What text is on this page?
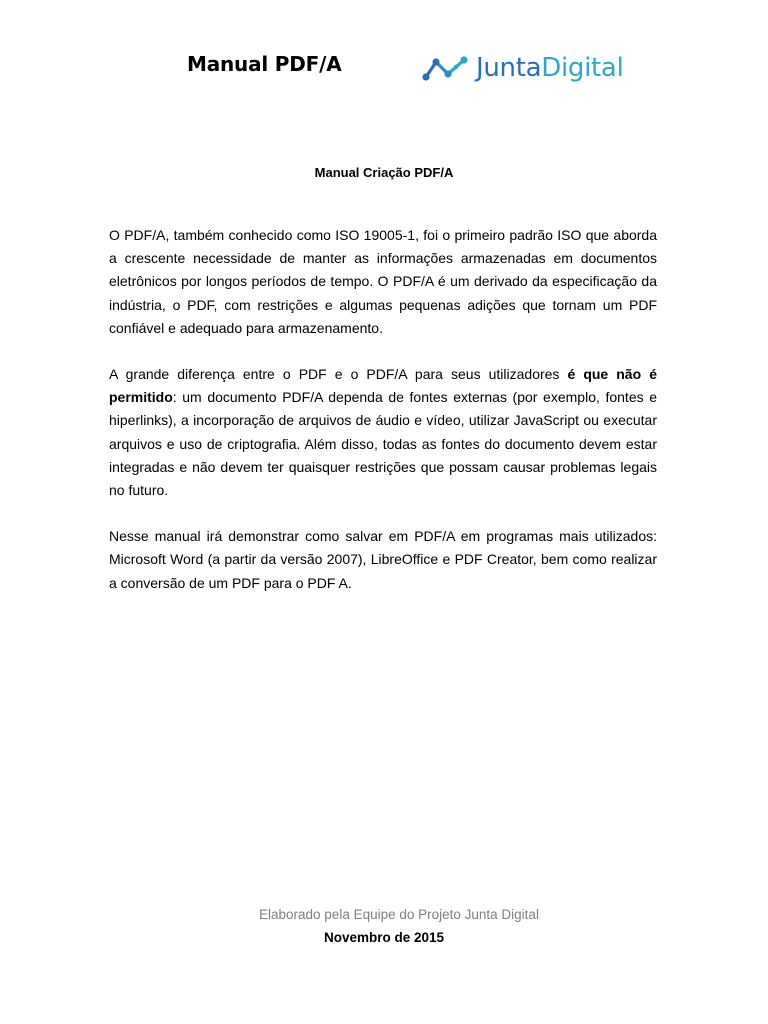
Manual PDF/A	JuntaDigital
Manual Criação PDF/A

O PDF/A, também conhecido como ISO 19005-1, foi o primeiro padrão ISO que aborda a crescente necessidade de manter as informações armazenadas em documentos eletrônicos por longos períodos de tempo. O PDF/A é um derivado da especificação da indústria, o PDF, com restrições e algumas pequenas adições que tornam um PDF confiável e adequado para armazenamento.

A grande diferença entre o PDF e o PDF/A para seus utilizadores é que não é permitido: um documento PDF/A dependa de fontes externas (por exemplo, fontes e hiperlinks), a incorporação de arquivos de áudio e vídeo, utilizar JavaScript ou executar arquivos e uso de criptografia. Além disso, todas as fontes do documento devem estar integradas e não devem ter quaisquer restrições que possam causar problemas legais no futuro.

Nesse manual irá demonstrar como salvar em PDF/A em programas mais utilizados: Microsoft Word (a partir da versão 2007), LibreOffice e PDF Creator, bem como realizar a conversão de um PDF para o PDF A.

Elaborado pela Equipe do Projeto Junta Digital
Novembro de 2015
